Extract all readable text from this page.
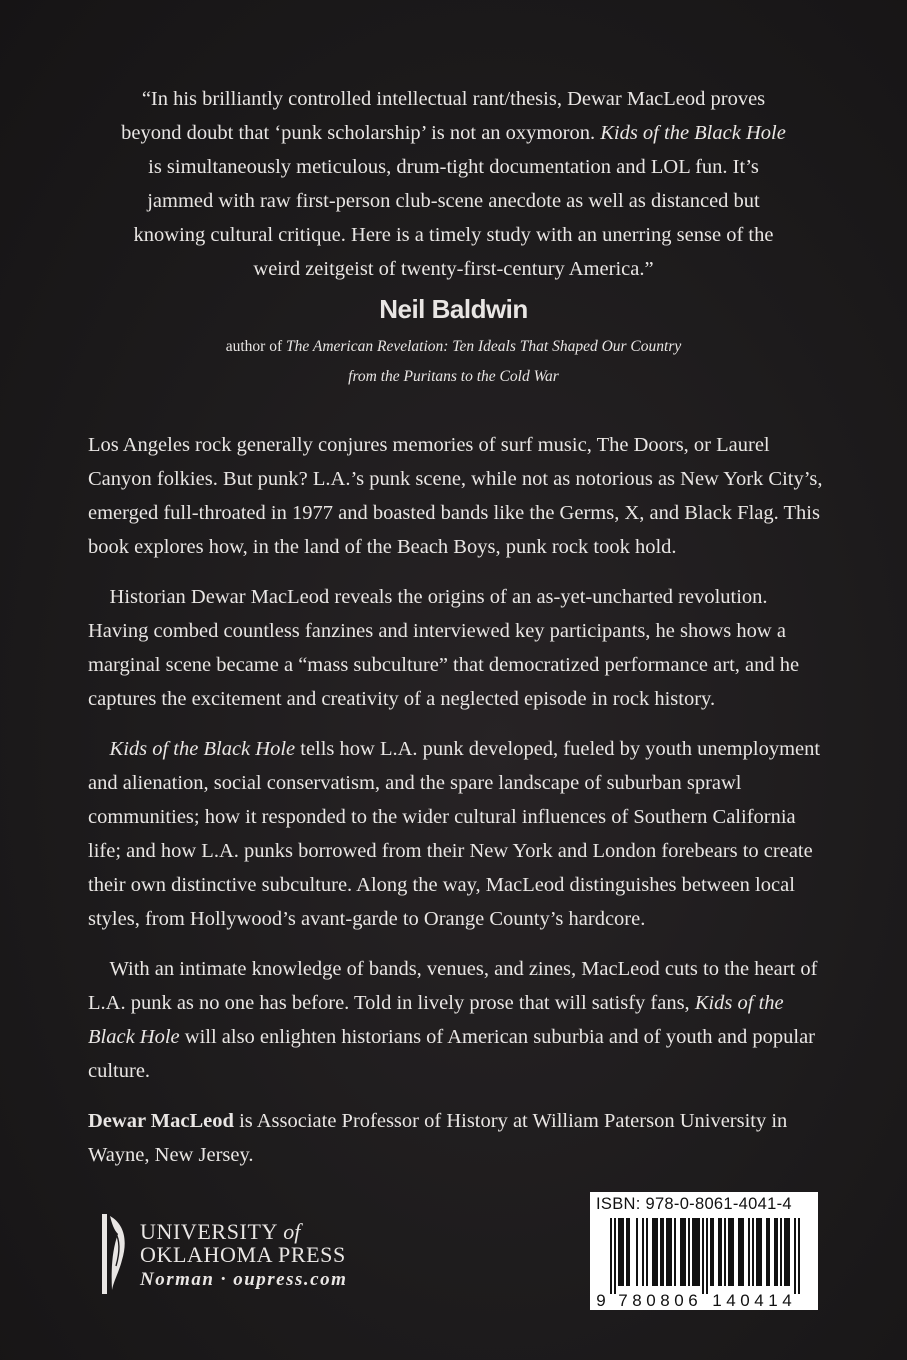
“In his brilliantly controlled intellectual rant/thesis, Dewar MacLeod proves beyond doubt that ‘punk scholarship’ is not an oxymoron. Kids of the Black Hole is simultaneously meticulous, drum-tight documentation and LOL fun. It’s jammed with raw first-person club-scene anecdote as well as distanced but knowing cultural critique. Here is a timely study with an unerring sense of the weird zeitgeist of twenty-first-century America.”

Neil Baldwin
author of The American Revelation: Ten Ideals That Shaped Our Country
from the Puritans to the Cold War

Los Angeles rock generally conjures memories of surf music, The Doors, or Laurel Canyon folkies. But punk? L.A.’s punk scene, while not as notorious as New York City’s, emerged full-throated in 1977 and boasted bands like the Germs, X, and Black Flag. This book explores how, in the land of the Beach Boys, punk rock took hold.

Historian Dewar MacLeod reveals the origins of an as-yet-uncharted revolution. Having combed countless fanzines and interviewed key participants, he shows how a marginal scene became a “mass subculture” that democratized performance art, and he captures the excitement and creativity of a neglected episode in rock history.

Kids of the Black Hole tells how L.A. punk developed, fueled by youth unemployment and alienation, social conservatism, and the spare landscape of suburban sprawl communities; how it responded to the wider cultural influences of Southern California life; and how L.A. punks borrowed from their New York and London forebears to create their own distinctive subculture. Along the way, MacLeod distinguishes between local styles, from Hollywood’s avant-garde to Orange County’s hardcore.

With an intimate knowledge of bands, venues, and zines, MacLeod cuts to the heart of L.A. punk as no one has before. Told in lively prose that will satisfy fans, Kids of the Black Hole will also enlighten historians of American suburbia and of youth and popular culture.

Dewar MacLeod is Associate Professor of History at William Paterson University in Wayne, New Jersey.

UNIVERSITY of
OKLAHOMA PRESS
Norman · oupress.com
ISBN: 978-0-8061-4041-4
9 7 8 0 8 0 6 1 4 0 4 1 4
